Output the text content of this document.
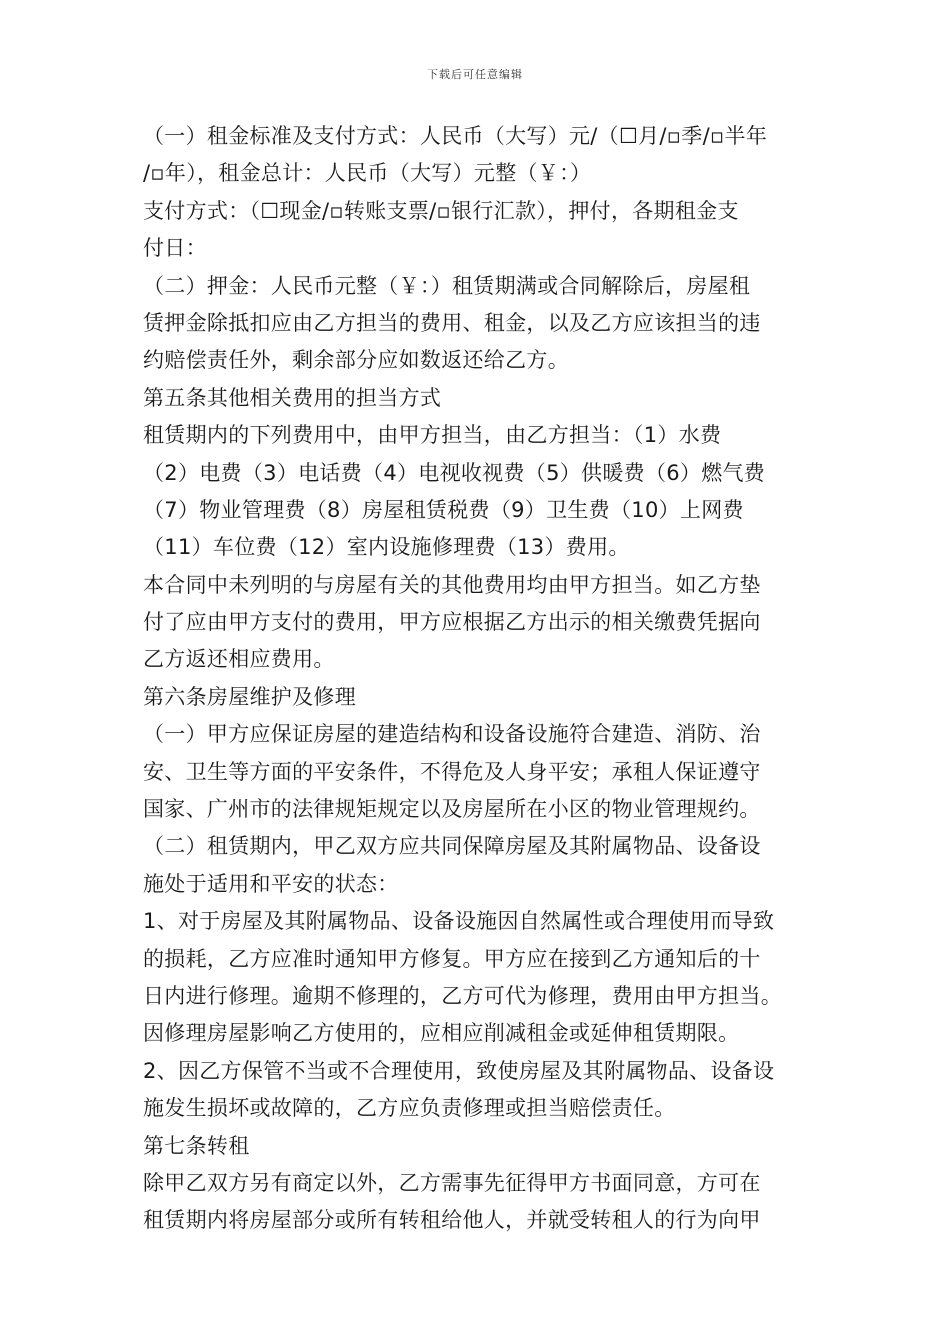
下载后可任意编辑
（一）租金标准及支付方式：人民币（大写）元/（☐月/▫季/▫半年
/▫年），租金总计：人民币（大写）元整（￥：）
支付方式：（☐现金/▫转账支票/▫银行汇款），押付，各期租金支
付日：
（二）押金：人民币元整（￥：）租赁期满或合同解除后，房屋租
赁押金除抵扣应由乙方担当的费用、租金，以及乙方应该担当的违
约赔偿责任外，剩余部分应如数返还给乙方。
第五条其他相关费用的担当方式
租赁期内的下列费用中，由甲方担当，由乙方担当：（1）水费
（2）电费（3）电话费（4）电视收视费（5）供暖费（6）燃气费
（7）物业管理费（8）房屋租赁税费（9）卫生费（10）上网费
（11）车位费（12）室内设施修理费（13）费用。
本合同中未列明的与房屋有关的其他费用均由甲方担当。如乙方垫
付了应由甲方支付的费用，甲方应根据乙方出示的相关缴费凭据向
乙方返还相应费用。
第六条房屋维护及修理
（一）甲方应保证房屋的建造结构和设备设施符合建造、消防、治
安、卫生等方面的平安条件，不得危及人身平安；承租人保证遵守
国家、广州市的法律规矩规定以及房屋所在小区的物业管理规约。
（二）租赁期内，甲乙双方应共同保障房屋及其附属物品、设备设
施处于适用和平安的状态：
1、对于房屋及其附属物品、设备设施因自然属性或合理使用而导致
的损耗，乙方应准时通知甲方修复。甲方应在接到乙方通知后的十
日内进行修理。逾期不修理的，乙方可代为修理，费用由甲方担当。
因修理房屋影响乙方使用的，应相应削减租金或延伸租赁期限。
2、因乙方保管不当或不合理使用，致使房屋及其附属物品、设备设
施发生损坏或故障的，乙方应负责修理或担当赔偿责任。
第七条转租
除甲乙双方另有商定以外，乙方需事先征得甲方书面同意，方可在
租赁期内将房屋部分或所有转租给他人，并就受转租人的行为向甲
